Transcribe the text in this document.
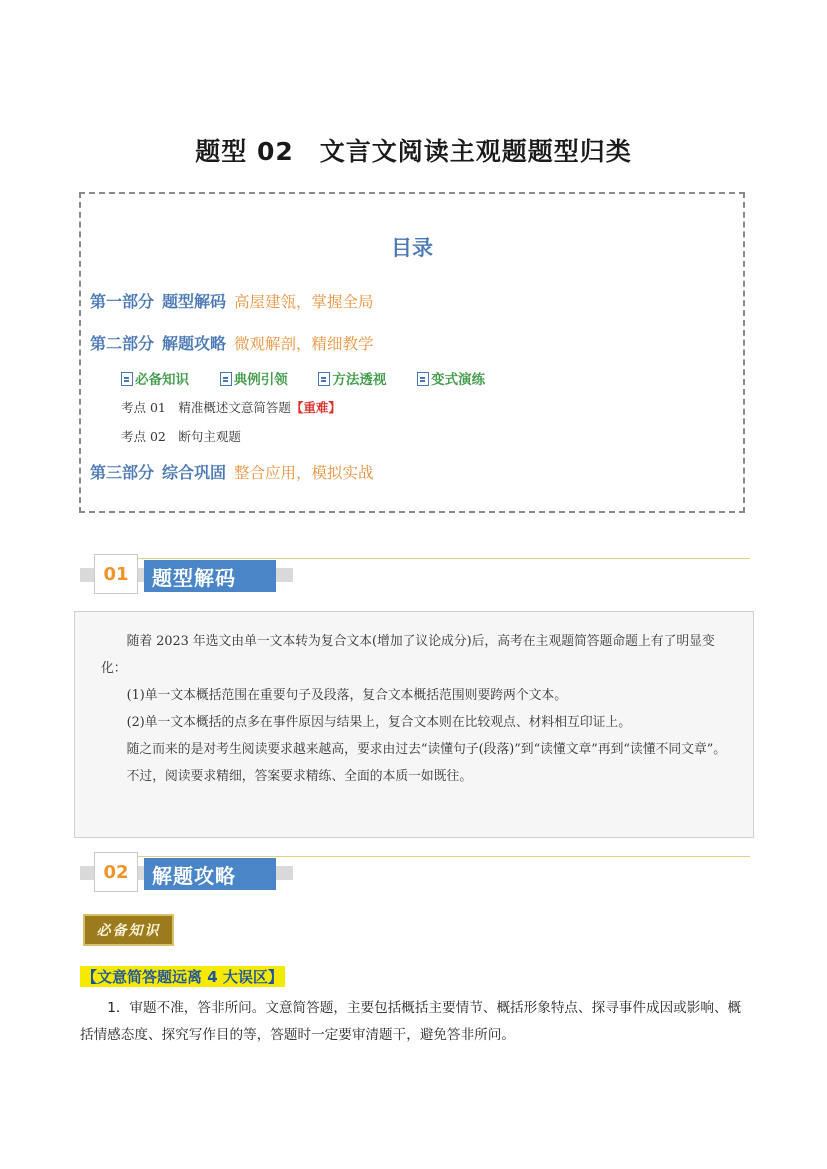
题型 02　文言文阅读主观题题型归类
目录
第一部分 题型解码 高屋建瓴，掌握全局
第二部分 解题攻略 微观解剖，精细教学
必备知识	典例引领	方法透视	变式演练
考点 01　精准概述文意简答题【重难】
考点 02　断句主观题
第三部分 综合巩固 整合应用，模拟实战
01	题型解码

随着 2023 年选文由单一文本转为复合文本(增加了议论成分)后，高考在主观题简答题命题上有了明显变化：

(1)单一文本概括范围在重要句子及段落，复合文本概括范围则要跨两个文本。

(2)单一文本概括的点多在事件原因与结果上，复合文本则在比较观点、材料相互印证上。

随之而来的是对考生阅读要求越来越高，要求由过去“读懂句子(段落)”到“读懂文章”再到“读懂不同文章”。

不过，阅读要求精细，答案要求精练、全面的本质一如既往。

02	解题攻略
必备知识
【文意简答题远离 4 大误区】

1．审题不准，答非所问。文意简答题，主要包括概括主要情节、概括形象特点、探寻事件成因或影响、概括情感态度、探究写作目的等，答题时一定要审清题干，避免答非所问。
